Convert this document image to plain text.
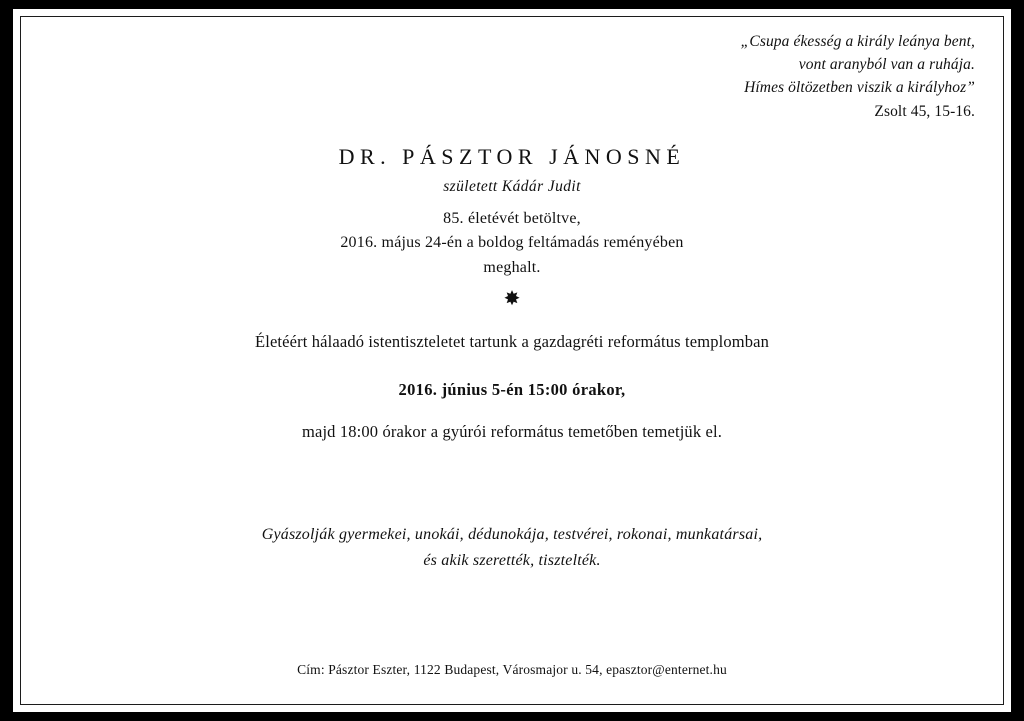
„Csupa ékesség a király leánya bent,
vont aranyból van a ruhája.
Hímes öltözetben viszik a királyhoz”
Zsolt 45, 15-16.
DR. PÁSZTOR JÁNOSNÉ
született Kádár Judit
85. életévét betöltve,
2016. május 24-én a boldog feltámadás reményében
meghalt.
✸
Életéért hálaadó istentiszteletet tartunk a gazdagréti református templomban
2016. június 5-én 15:00 órakor,
majd 18:00 órakor a gyúrói református temetőben temetjük el.
Gyászolják gyermekei, unokái, dédunokája, testvérei, rokonai, munkatársai,
és akik szerették, tisztelték.
Cím: Pásztor Eszter, 1122 Budapest, Városmajor u. 54, epasztor@enternet.hu
